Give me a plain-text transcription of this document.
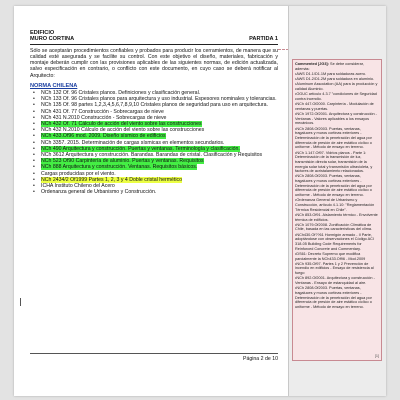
EDIFICIO
MURO CORTINA	PARTIDA 1
Sólo se aceptarán procedimientos confiables y probados para producir los cerramientos, de manera que su calidad esté asegurada y se facilite su control. Con este objetivo el diseño, materiales, fabricación y montaje deberán cumplir con las provisiones aplicables de las siguientes normas, de edición actualizada, salvo especificación en contrario, o conflicto con este documento, en cuyo caso se deberá notificar al Arquitecto:
NORMA CHILENA
• NCh 132 Of. 96 Cristales planos. Definiciones y clasificación general.
• NCh 133 Of. 96 Cristales planos para arquitectura y uso industrial. Espesores nominales y tolerancias.
• NCh 135 Of. 98 partes 1,2,3,4,5,6,7,8,9,10 Cristales planos de seguridad para uso en arquitectura.
• NCh 431 Of. 77 Construcción - Sobrecargas de nieve
• NCh 431 N.2010 Construcción - Sobrecargas de nieve
• NCh 432 Of. 71 Cálculo de acción del viento sobre las construcciones
• NCh 432 N.2010 Cálculo de acción del viento sobre las construcciones
• NCh 433.Of96 mod. 2009. Diseño sísmico de edificios
• NCh 3357. 2015. Determinación de cargas sísmicas en elementos secundarios.
• NCh 490 Arquitectura y construcción. Puertas y ventanas. Terminología y clasificación.
• NCh 3612 Arquitectura y construcción. Barandas. Barandas de cristal. Clasificación y Requisitos
• NCh 523 Of90 Carpintería de aluminio. Puertas y ventanas. Requisitos
• NCh 888 Arquitectura y construcción. Ventanas. Requisitos básicos.
• Cargas producidas por el viento.
• NCh 2434/2 Of1999 Partes 1, 2, 3 y 4 Doble cristal hermético
• ICHA Instituto Chileno del Acero
• Ordenanza general de Urbanismo y Construcción.
Página 2 de 10

Commented [JG3]: Se debe considerar, además:

•AWS D1.1/D1.1M para soldaduras acero.

•AWS D1.2/D1.2M para soldadura en aluminio.

•Aluminum Association (AA) para la producción y calidad Aluminio.

•OGUC artículo 4.3.7 "condiciones de Seguridad contra incendio.

•NCh 447.Of2000. Carpintería - Modulación de ventanas y puertas.

•NCh 1972.Of2001. Arquitectura y construcción - Ventanas - Valores aplicables a los ensayos mecánicos.

•NCh 2808.Of2003. Puertas, ventanas, tragaluces y muros cortinas exteriores - Determinación de la penetración del agua por diferencia de presión de aire estático cíclico o uniforme - Método de ensayo en terreno.

•NCh 1.147.Of97. Vidrios planos - Parte 1: Determinación de la transmisión de luz, transmisión directa solar, transmisión de la energía solar total y transmisión ultravioleta, y factores de acristalamiento relacionados.

•NCh 2808.Of2003. Puertas, ventanas, tragaluces y muros cortinas exteriores - Determinación de la penetración del agua por diferencia de presión de aire estático cíclico o uniforme - Método de ensayo en terreno.

•Ordenanza General de Urbanismo y Construcción, artículo 4.1.10: "Reglamentación Térmica Residencial en Chile".

•NCh 853.Of91. Aislamiento térmico - Envolvente térmica de edificios.

•NCh 1079.Of2008. Zonificación Climática de Chile, basada en las características del clima.

•NCh430.Of??61 Hormigón armado - II Parte, adoptándose con observaciones el Código ACI 318-05 Building Code Requirements for Reinforced Concrete and Commentary.

•DS61: Decreto Supremo que modifica parcialmente la NCh433.Of96 - Mod.2009

•NCh 935.Of97. Partes 1 y 2 Prevención de incendio en edificios - Ensayo de resistencia al fuego

•NCh 892.Of2001. Arquitectura y construcción - Ventanas - Ensayo de estanquidad al aire.

•NCh 2808.Of2003. Puertas, ventanas, tragaluces y muros cortinas exteriores - Determinación de la penetración del agua por diferencia de presión de aire estático cíclico o uniforme - Método de ensayo en terreno.

[1]
